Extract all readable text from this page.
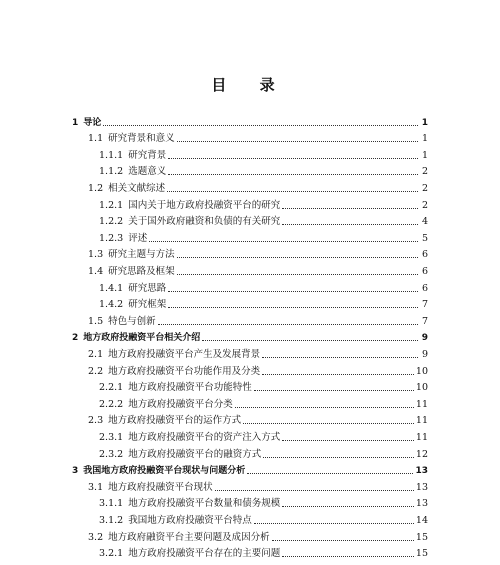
目 录
1 导论	1
1.1 研究背景和意义	1
1.1.1 研究背景	1
1.1.2 选题意义	2
1.2 相关文献综述	2
1.2.1 国内关于地方政府投融资平台的研究	2
1.2.2 关于国外政府融资和负债的有关研究	4
1.2.3 评述	5
1.3 研究主题与方法	6
1.4 研究思路及框架	6
1.4.1 研究思路	6
1.4.2 研究框架	7
1.5 特色与创新	7
2 地方政府投融资平台相关介绍	9
2.1 地方政府投融资平台产生及发展背景	9
2.2 地方政府投融资平台功能作用及分类	10
2.2.1 地方政府投融资平台功能特性	10
2.2.2 地方政府投融资平台分类	11
2.3 地方政府投融资平台的运作方式	11
2.3.1 地方政府投融资平台的资产注入方式	11
2.3.2 地方政府投融资平台的融资方式	12
3 我国地方政府投融资平台现状与问题分析	13
3.1 地方政府投融资平台现状	13
3.1.1 地方政府投融资平台数量和债务规模	13
3.1.2 我国地方政府投融资平台特点	14
3.2 地方政府融资平台主要问题及成因分析	15
3.2.1 地方政府投融资平台存在的主要问题	15
